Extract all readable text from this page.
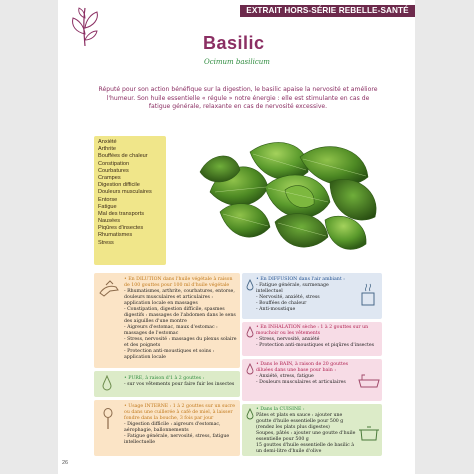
EXTRAIT HORS-SÉRIE REBELLE-SANTÉ
Basilic
Ocimum basilicum
Réputé pour son action bénéfique sur la digestion, le basilic apaise la nervosité et améliore l'humeur. Son huile essentielle « régule » notre énergie : elle est stimulante en cas de fatigue générale, relaxante en cas de nervosité excessive.
Anxiété
Arthrite
Bouffées de chaleur
Constipation
Courbatures
Crampes
Digestion difficile
Douleurs musculaires
Entorse
Fatigue
Mal des transports
Nausées
Piqûres d'insectes
Rhumatismes
Stress

• En DILUTION dans l'huile végétale à raison de 100 gouttes pour 100 ml d'huile végétale

- Rhumatismes, arthrite, courbatures, entorse, douleurs musculaires et articulaires : application locale en massages

- Constipation, digestion difficile, spasmes digestifs : massages de l'abdomen dans le sens des aiguilles d'une montre

- Aigreurs d'estomac, maux d'estomac : massages de l'estomac

- Stress, nervosité : massages du plexus solaire et des poignets

- Protection anti-moustiques et soins : application locale

• PURE, à raison d'1 à 2 gouttes :

- sur vos vêtements pour faire fuir les insectes

• Usage INTERNE : 1 à 2 gouttes sur un sucre ou dans une cuillerée à café de miel, à laisser fondre dans la bouche, 3 fois par jour

- Digestion difficile : aigreurs d'estomac, aérophagie, ballonnements

- Fatigue générale, nervosité, stress, fatigue intellectuelle

• En DIFFUSION dans l'air ambiant :

- Fatigue générale, surmenage intellectuel

- Nervosité, anxiété, stress

- Bouffées de chaleur

- Anti-moustique

• En INHALATION sèche : 1 à 2 gouttes sur un mouchoir ou les vêtements

- Stress, nervosité, anxiété

- Protection anti-moustiques et piqûres d'insectes

• Dans le BAIN, à raison de 20 gouttes diluées dans une base pour bain :

- Anxiété, stress, fatigue

- Douleurs musculaires et articulaires

• Dans la CUISINE :

Pâtes et plats en sauce : ajouter une goutte d'huile essentielle pour 500 g (rendez les plats plus digestes)

Soupes, pâtés : ajouter une goutte d'huile essentielle pour 500 g

15 gouttes d'huile essentielle de basilic à un demi-litre d'huile d'olive

26
